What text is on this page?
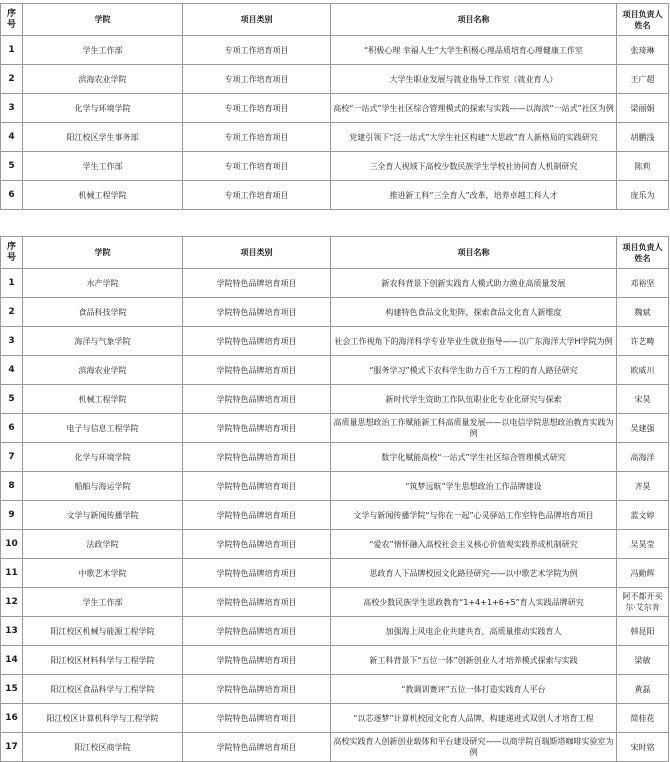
序号	学院	项目类别	项目名称	项目负责人姓名
1	学生工作部	专项工作培育项目	“积极心理 幸福人生”大学生积极心理品质培育心理健康工作室	张琦琳
2	滨海农业学院	专项工作培育项目	大学生职业发展与就业指导工作室（就业育人）	王广超
3	化学与环境学院	专项工作培育项目	高校“一站式”学生社区综合管理模式的探索与实践——以海滨“一站式”社区为例	梁丽娟
4	阳江校区学生事务部	专项工作培育项目	党建引领下“泛一站式”大学生社区构建“大思政”育人新格局的实践研究	胡鹏浅
5	学生工作部	专项工作培育项目	三全育人视域下高校少数民族学生学校社协同育人机制研究	陈莉
6	机械工程学院	专项工作培育项目	推进新工科“三全育人”改革，培养卓越工科人才	庞乐为
序号	学院	项目类别	项目名称	项目负责人姓名
1	水产学院	学院特色品牌培育项目	新农科背景下创新实践育人模式助力渔业高质量发展	邓裕坚
2	食品科技学院	学院特色品牌培育项目	构建特色食品文化矩阵，探索食品文化育人新维度	魏斌
3	海洋与气象学院	学院特色品牌培育项目	社会工作视角下的海洋科学专业毕业生就业指导——以广东海洋大学H学院为例	许艺畴
4	滨海农业学院	学院特色品牌培育项目	“服务学习”模式下农科学生助力百千万工程的育人路径研究	欧威川
5	机械工程学院	学院特色品牌培育项目	新时代学生资助工作队伍职业化专业化研究与探索	宋昊
6	电子与信息工程学院	学院特色品牌培育项目	高质量思想政治工作赋能新工科高质量发展——以电信学院思想政治教育实践为例	吴建强
7	化学与环境学院	学院特色品牌培育项目	数字化赋能高校“一站式”学生社区综合管理模式研究	高海洋
8	船舶与海运学院	学院特色品牌培育项目	“筑梦远航”学生思想政治工作品牌建设	齐昊
9	文学与新闻传播学院	学院特色品牌培育项目	文学与新闻传播学院“与你在一起”心灵驿站工作室特色品牌培育项目	蓝文婷
10	法政学院	学院特色品牌培育项目	“爱农”情怀融入高校社会主义核心价值观实践养成机制研究	吴昊莹
11	中歌艺术学院	学院特色品牌培育项目	思政育人下品牌校园文化路径研究——以中歌艺术学院为例	冯勤辉
12	学生工作部	学院特色品牌培育项目	高校少数民族学生思政教育“1+4+1+6+5”育人实践品牌研究	阿不都开买尔·艾尔肯
13	阳江校区机械与能源工程学院	学院特色品牌培育项目	加强海上风电企业共建共育，高质量推动实践育人	韩昆阳
14	阳江校区材料科学与工程学院	学院特色品牌培育项目	新工科背景下“五位一体”创新创业人才培养模式探索与实践	梁敏
15	阳江校区食品科学与工程学院	学院特色品牌培育项目	“教调训赛评”五位一体打造实践育人平台	黄磊
16	阳江校区计算机科学与工程学院	学院特色品牌培育项目	“以芯逐梦”计算机校园文化育人品牌，构建递进式双创人才培育工程	简桂花
17	阳江校区商学院	学院特色品牌培育项目	高校实践育人创新创业载体和平台建设研究——以商学院百瑞斯塔咖啡实验室为例	宋时铭
